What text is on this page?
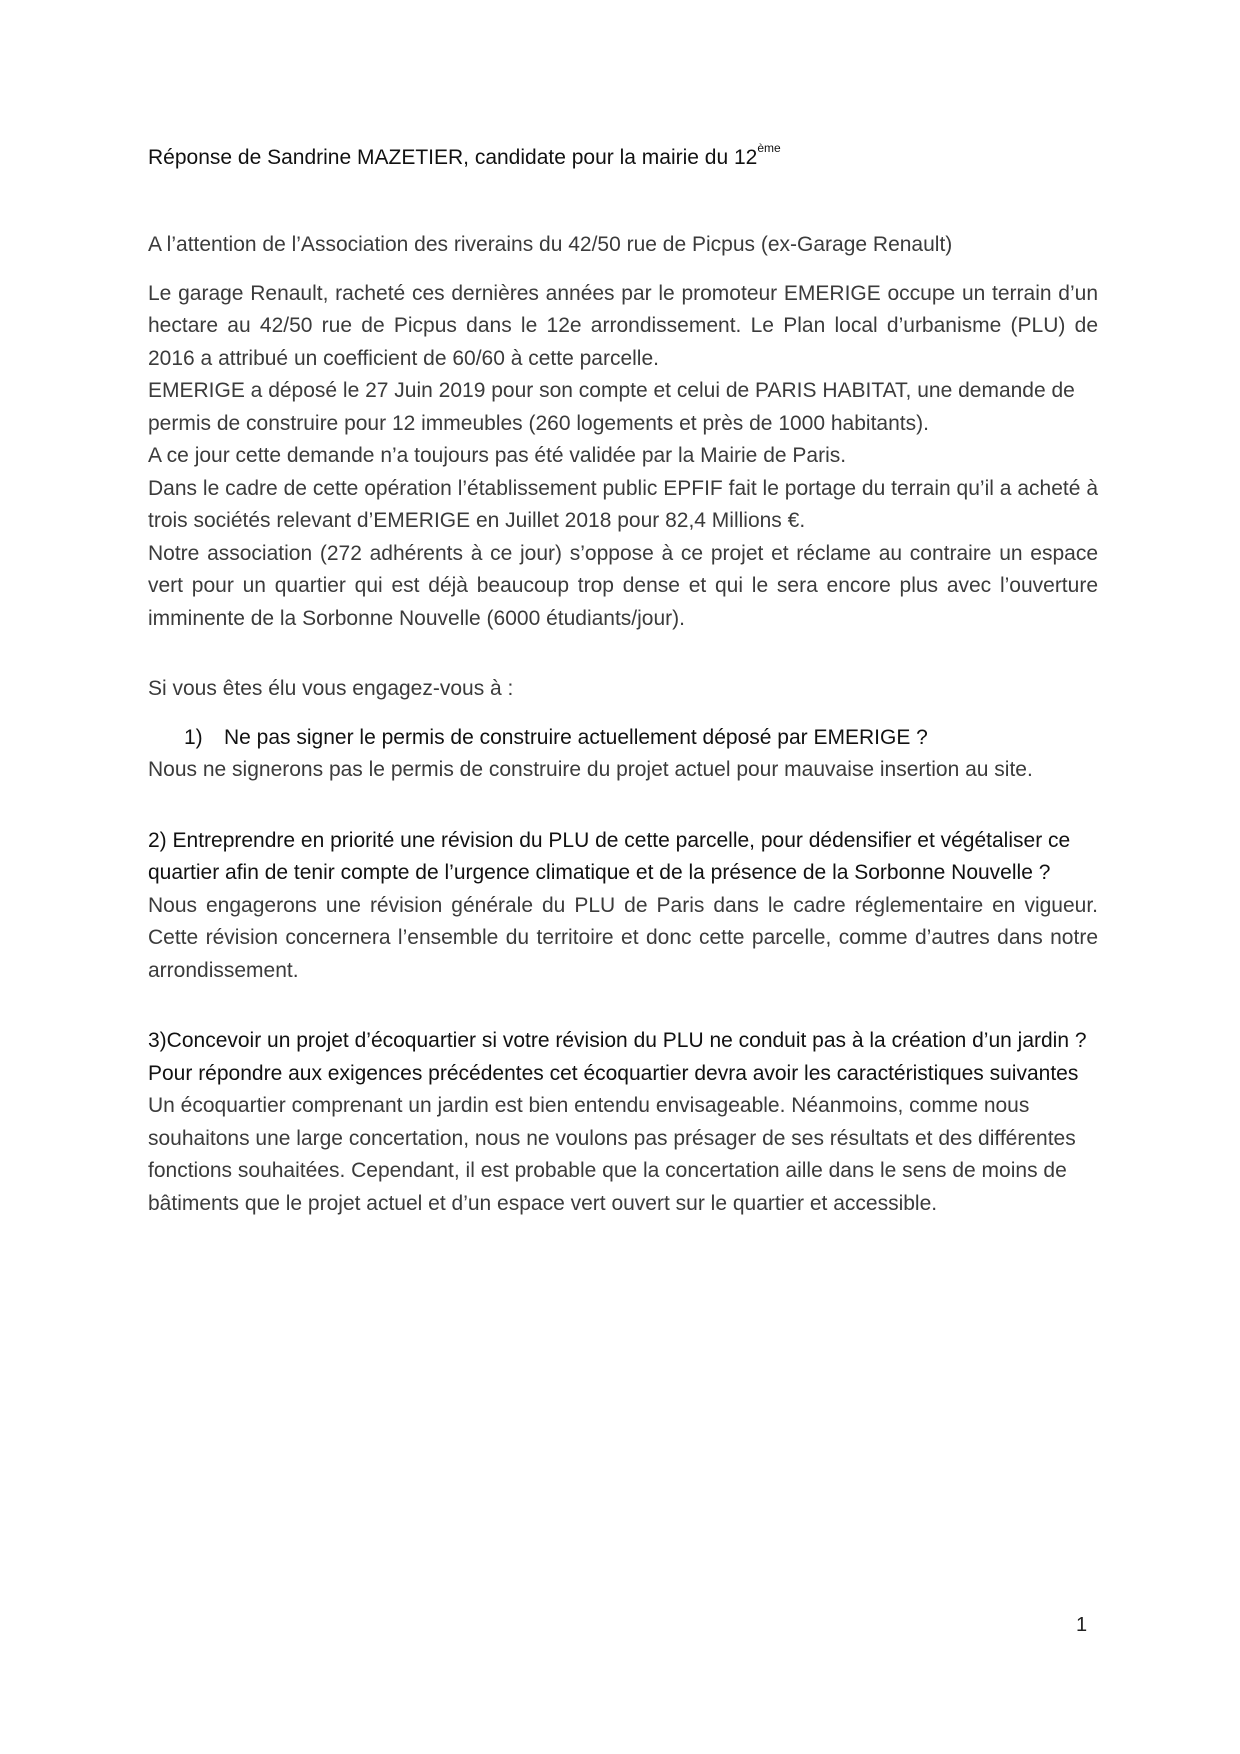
Réponse de Sandrine MAZETIER, candidate pour la mairie du 12ème

A l’attention de l’Association des riverains du 42/50 rue de Picpus (ex-Garage Renault)

Le garage Renault, racheté ces dernières années par le promoteur EMERIGE occupe un terrain d’un hectare au 42/50 rue de Picpus dans le 12e arrondissement. Le Plan local d’urbanisme (PLU) de 2016 a attribué un coefficient de 60/60 à cette parcelle.

EMERIGE a déposé le 27 Juin 2019 pour son compte et celui de PARIS HABITAT, une demande de permis de construire pour 12 immeubles (260 logements et près de 1000 habitants).

A ce jour cette demande n’a toujours pas été validée par la Mairie de Paris.

Dans le cadre de cette opération l’établissement public EPFIF fait le portage du terrain qu’il a acheté à trois sociétés relevant d’EMERIGE en Juillet 2018 pour 82,4 Millions €.

Notre association (272 adhérents à ce jour) s’oppose à ce projet et réclame au contraire un espace vert pour un quartier qui est déjà beaucoup trop dense et qui le sera encore plus avec l’ouverture imminente de la Sorbonne Nouvelle (6000 étudiants/jour).

Si vous êtes élu vous engagez-vous à :

1) Ne pas signer le permis de construire actuellement déposé par EMERIGE ?

Nous ne signerons pas le permis de construire du projet actuel pour mauvaise insertion au site.

2) Entreprendre en priorité une révision du PLU de cette parcelle, pour dédensifier et végétaliser ce quartier afin de tenir compte de l’urgence climatique et de la présence de la Sorbonne Nouvelle ?

Nous engagerons une révision générale du PLU de Paris dans le cadre réglementaire en vigueur. Cette révision concernera l’ensemble du territoire et donc cette parcelle, comme d’autres dans notre arrondissement.

3)Concevoir un projet d’écoquartier si votre révision du PLU ne conduit pas à la création d’un jardin ? Pour répondre aux exigences précédentes cet écoquartier devra avoir les caractéristiques suivantes

Un écoquartier comprenant un jardin est bien entendu envisageable. Néanmoins, comme nous souhaitons une large concertation, nous ne voulons pas présager de ses résultats et des différentes fonctions souhaitées. Cependant, il est probable que la concertation aille dans le sens de moins de bâtiments que le projet actuel et d’un espace vert ouvert sur le quartier et accessible.

1
